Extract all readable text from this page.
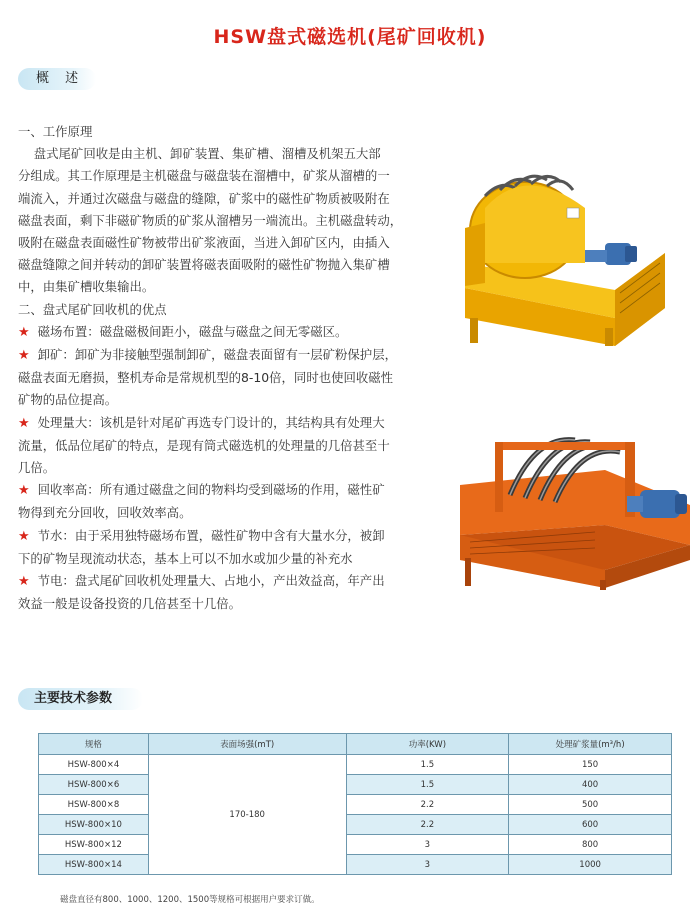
HSW盘式磁选机(尾矿回收机)
概 述

一、工作原理

盘式尾矿回收是由主机、卸矿装置、集矿槽、溜槽及机架五大部

分组成。其工作原理是主机磁盘与磁盘装在溜槽中，矿浆从溜槽的一

端流入，并通过次磁盘与磁盘的缝隙，矿浆中的磁性矿物质被吸附在

磁盘表面，剩下非磁矿物质的矿浆从溜槽另一端流出。主机磁盘转动，

吸附在磁盘表面磁性矿物被带出矿浆液面，当进入卸矿区内，由插入

磁盘缝隙之间并转动的卸矿装置将磁表面吸附的磁性矿物抛入集矿槽

中，由集矿槽收集输出。

二、盘式尾矿回收机的优点

★ 磁场布置：磁盘磁极间距小，磁盘与磁盘之间无零磁区。

★ 卸矿：卸矿为非接触型强制卸矿，磁盘表面留有一层矿粉保护层，

磁盘表面无磨损，整机寿命是常规机型的8-10倍，同时也使回收磁性

矿物的品位提高。

★ 处理量大：该机是针对尾矿再选专门设计的，其结构具有处理大

流量，低品位尾矿的特点，是现有筒式磁选机的处理量的几倍甚至十

几倍。

★ 回收率高：所有通过磁盘之间的物料均受到磁场的作用，磁性矿

物得到充分回收，回收效率高。

★ 节水：由于采用独特磁场布置，磁性矿物中含有大量水分，被卸

下的矿物呈现流动状态，基本上可以不加水或加少量的补充水

★ 节电：盘式尾矿回收机处理量大、占地小，产出效益高，年产出

效益一般是设备投资的几倍甚至十几倍。

主要技术参数
规格	表面场强(mT)	功率(KW)	处理矿浆量(m³/h)
HSW-800×4	170-180	1.5	150
HSW-800×6		1.5	400
HSW-800×8		2.2	500
HSW-800×10		2.2	600
HSW-800×12		3	800
HSW-800×14		3	1000
磁盘直径有800、1000、1200、1500等规格可根据用户要求订做。
